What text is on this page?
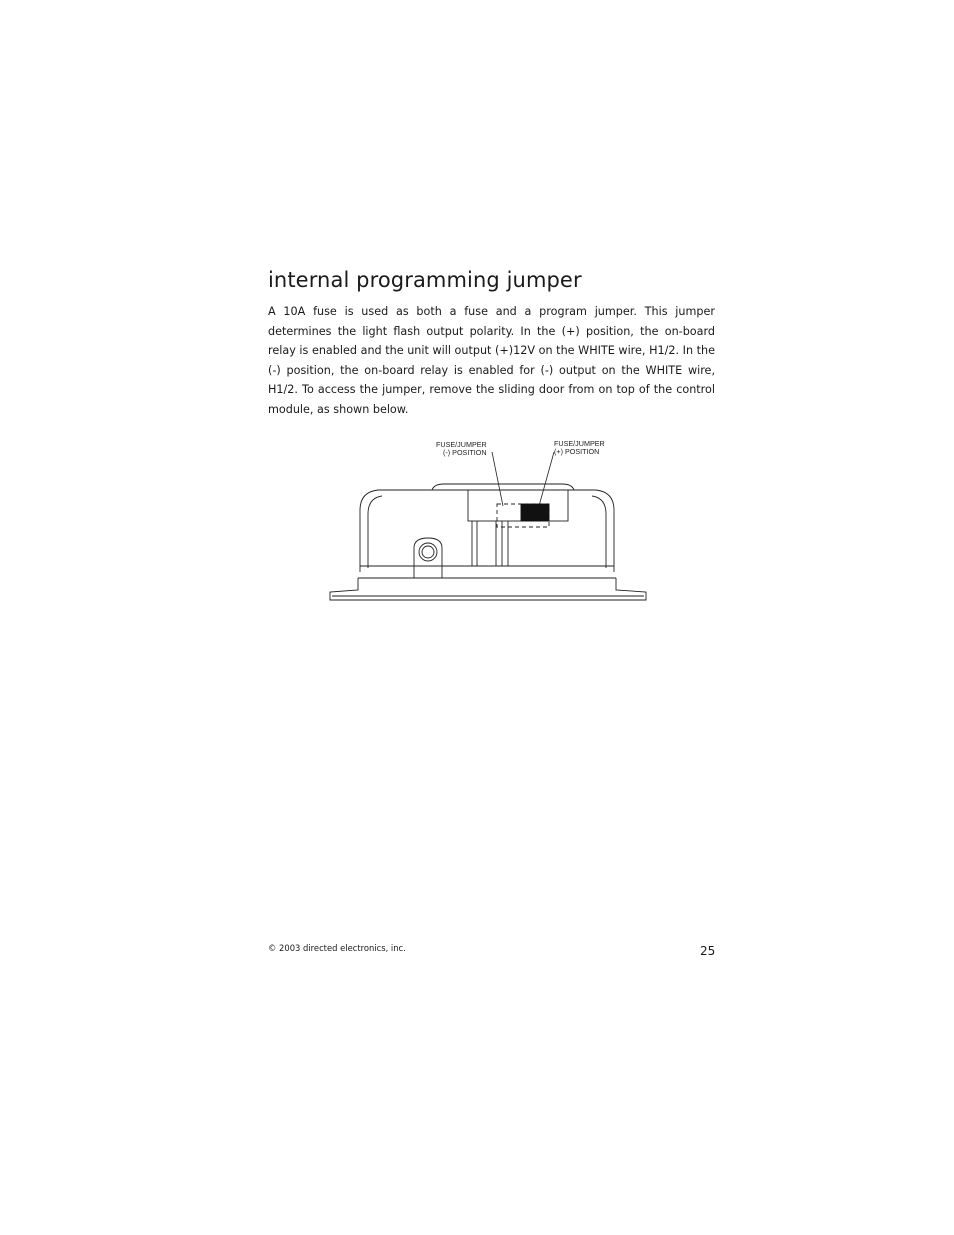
internal programming jumper

A 10A fuse is used as both a fuse and a program jumper. This jumper determines the light flash output polarity. In the (+) position, the on-board relay is enabled and the unit will output (+)12V on the WHITE wire, H1/2. In the (-) position, the on-board relay is enabled for (-) output on the WHITE wire, H1/2. To access the jumper, remove the sliding door from on top of the control module, as shown below.

FUSE/JUMPER
(-) POSITION
FUSE/JUMPER
(+) POSITION

© 2003 directed electronics, inc.	25
